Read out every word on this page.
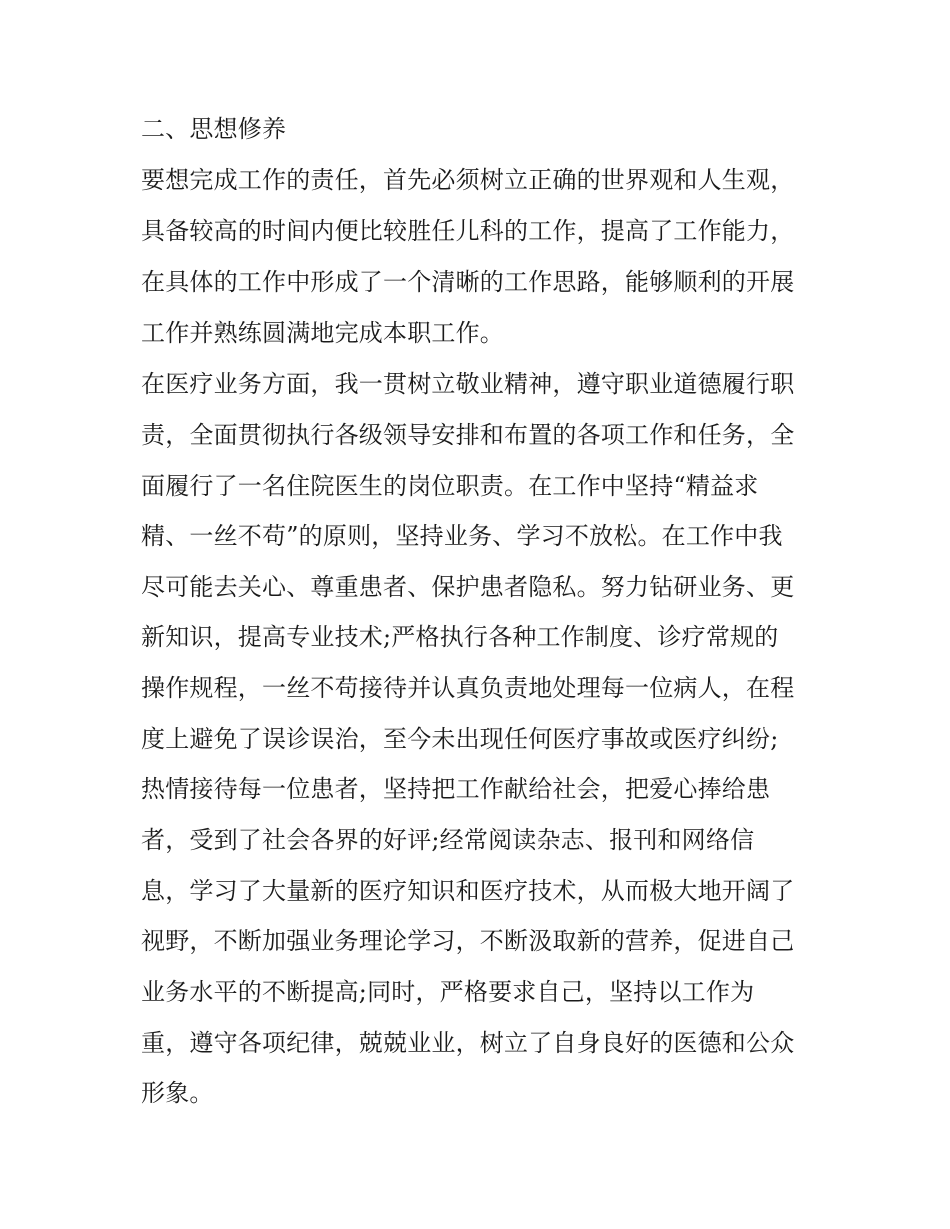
二、思想修养
要想完成工作的责任，首先必须树立正确的世界观和人生观，
具备较高的时间内便比较胜任儿科的工作，提高了工作能力，
在具体的工作中形成了一个清晰的工作思路，能够顺利的开展
工作并熟练圆满地完成本职工作。
在医疗业务方面，我一贯树立敬业精神，遵守职业道德履行职
责，全面贯彻执行各级领导安排和布置的各项工作和任务，全
面履行了一名住院医生的岗位职责。在工作中坚持“精益求
精、一丝不苟”的原则，坚持业务、学习不放松。在工作中我
尽可能去关心、尊重患者、保护患者隐私。努力钻研业务、更
新知识，提高专业技术;严格执行各种工作制度、诊疗常规的
操作规程，一丝不苟接待并认真负责地处理每一位病人，在程
度上避免了误诊误治，至今未出现任何医疗事故或医疗纠纷;
热情接待每一位患者，坚持把工作献给社会，把爱心捧给患
者，受到了社会各界的好评;经常阅读杂志、报刊和网络信
息，学习了大量新的医疗知识和医疗技术，从而极大地开阔了
视野，不断加强业务理论学习，不断汲取新的营养，促进自己
业务水平的不断提高;同时，严格要求自己，坚持以工作为
重，遵守各项纪律，兢兢业业，树立了自身良好的医德和公众
形象。
